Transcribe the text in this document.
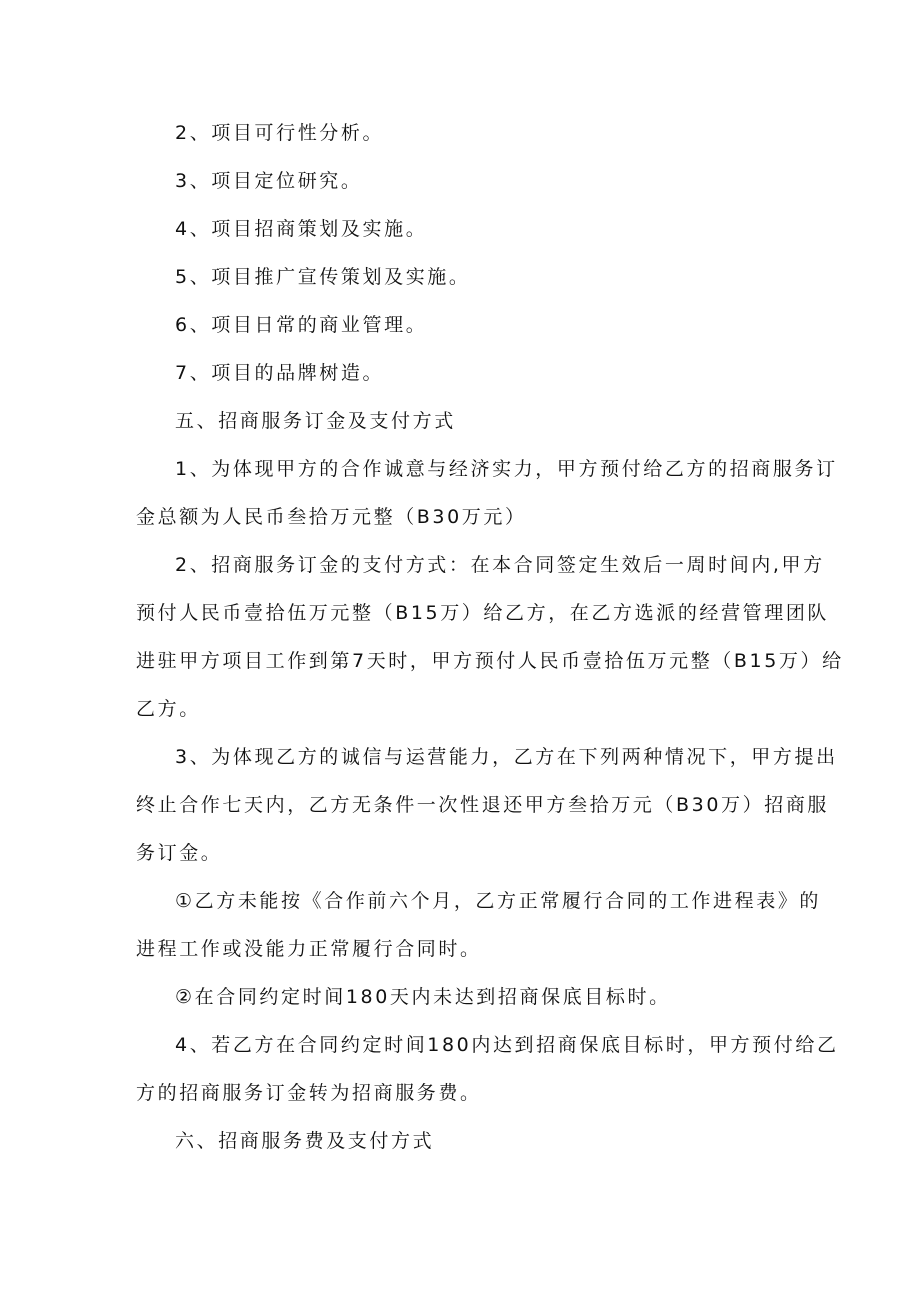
2、项目可行性分析。
3、项目定位研究。
4、项目招商策划及实施。
5、项目推广宣传策划及实施。
6、项目日常的商业管理。
7、项目的品牌树造。
五、招商服务订金及支付方式
1、为体现甲方的合作诚意与经济实力，甲方预付给乙方的招商服务订
金总额为人民币叁拾万元整（B30万元）
2、招商服务订金的支付方式：在本合同签定生效后一周时间内,甲方
预付人民币壹拾伍万元整（B15万）给乙方，在乙方选派的经营管理团队
进驻甲方项目工作到第7天时，甲方预付人民币壹拾伍万元整（B15万）给
乙方。
3、为体现乙方的诚信与运营能力，乙方在下列两种情况下，甲方提出
终止合作七天内，乙方无条件一次性退还甲方叁拾万元（B30万）招商服
务订金。
①乙方未能按《合作前六个月，乙方正常履行合同的工作进程表》的
进程工作或没能力正常履行合同时。
②在合同约定时间180天内未达到招商保底目标时。
4、若乙方在合同约定时间180内达到招商保底目标时，甲方预付给乙
方的招商服务订金转为招商服务费。
六、招商服务费及支付方式
